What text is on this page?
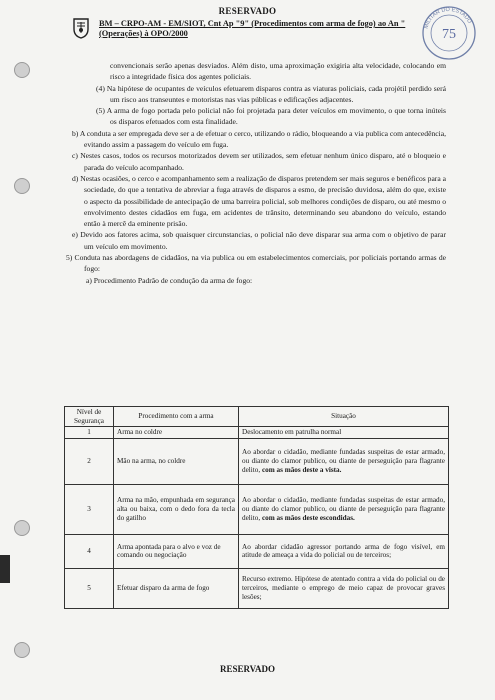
RESERVADO
BM – CRPO-AM - EM/SIOT, Cnt Ap "9" (Procedimentos com arma de fogo) ao An "
(Operações) à OPO/2000
MILITAR DO ESTADO
75

convencionais serão apenas desviados. Além disto, uma aproximação exigiria alta velocidade, colocando em risco a integridade física dos agentes policiais.

(4) Na hipótese de ocupantes de veículos efetuarem disparos contra as viaturas policiais, cada projétil perdido será um risco aos transeuntes e motoristas nas vias públicas e edificações adjacentes.

(5) A arma de fogo portada pelo policial não foi projetada para deter veículos em movimento, o que torna inúteis os disparos efetuados com esta finalidade.

b) A conduta a ser empregada deve ser a de efetuar o cerco, utilizando o rádio, bloqueando a via publica com antecedência, evitando assim a passagem do veículo em fuga.

c) Nestes casos, todos os recursos motorizados devem ser utilizados, sem efetuar nenhum único disparo, até o bloqueio e parada do veículo acompanhado.

d) Nestas ocasiões, o cerco e acompanhamento sem a realização de disparos pretendem ser mais seguros e benéficos para a sociedade, do que a tentativa de abreviar a fuga através de disparos a esmo, de precisão duvidosa, além do que, existe o aspecto da possibilidade de antecipação de uma barreira policial, sob melhores condições de disparo, ou até mesmo o envolvimento destes cidadãos em fuga, em acidentes de trânsito, determinando seu abandono do veículo, estando então à mercê da eminente prisão.

e) Devido aos fatores acima, sob quaisquer circunstancias, o policial não deve disparar sua arma com o objetivo de parar um veículo em movimento.

5) Conduta nas abordagens de cidadãos, na via publica ou em estabelecimentos comerciais, por policiais portando armas de fogo:

a) Procedimento Padrão de condução da arma de fogo:

Nível de Segurança	Procedimento com a arma	Situação
1	Arma no coldre	Deslocamento em patrulha normal
2	Mão na arma, no coldre	Ao abordar o cidadão, mediante fundadas suspeitas de estar armado, ou diante do clamor publico, ou diante de perseguição para flagrante delito, com as mãos deste a vista.
3	Arma na mão, empunhada em segurança alta ou baixa, com o dedo fora da tecla do gatilho	Ao abordar o cidadão, mediante fundadas suspeitas de estar armado, ou diante do clamor publico, ou diante de perseguição para flagrante delito, com as mãos deste escondidas.
4	Arma apontada para o alvo e voz de comando ou negociação	Ao abordar cidadão agressor portando arma de fogo visível, em atitude de ameaça a vida do policial ou de terceiros;
5	Efetuar disparo da arma de fogo	Recurso extremo. Hipótese de atentado contra a vida do policial ou de terceiros, mediante o emprego de meio capaz de provocar graves lesões;
RESERVADO
